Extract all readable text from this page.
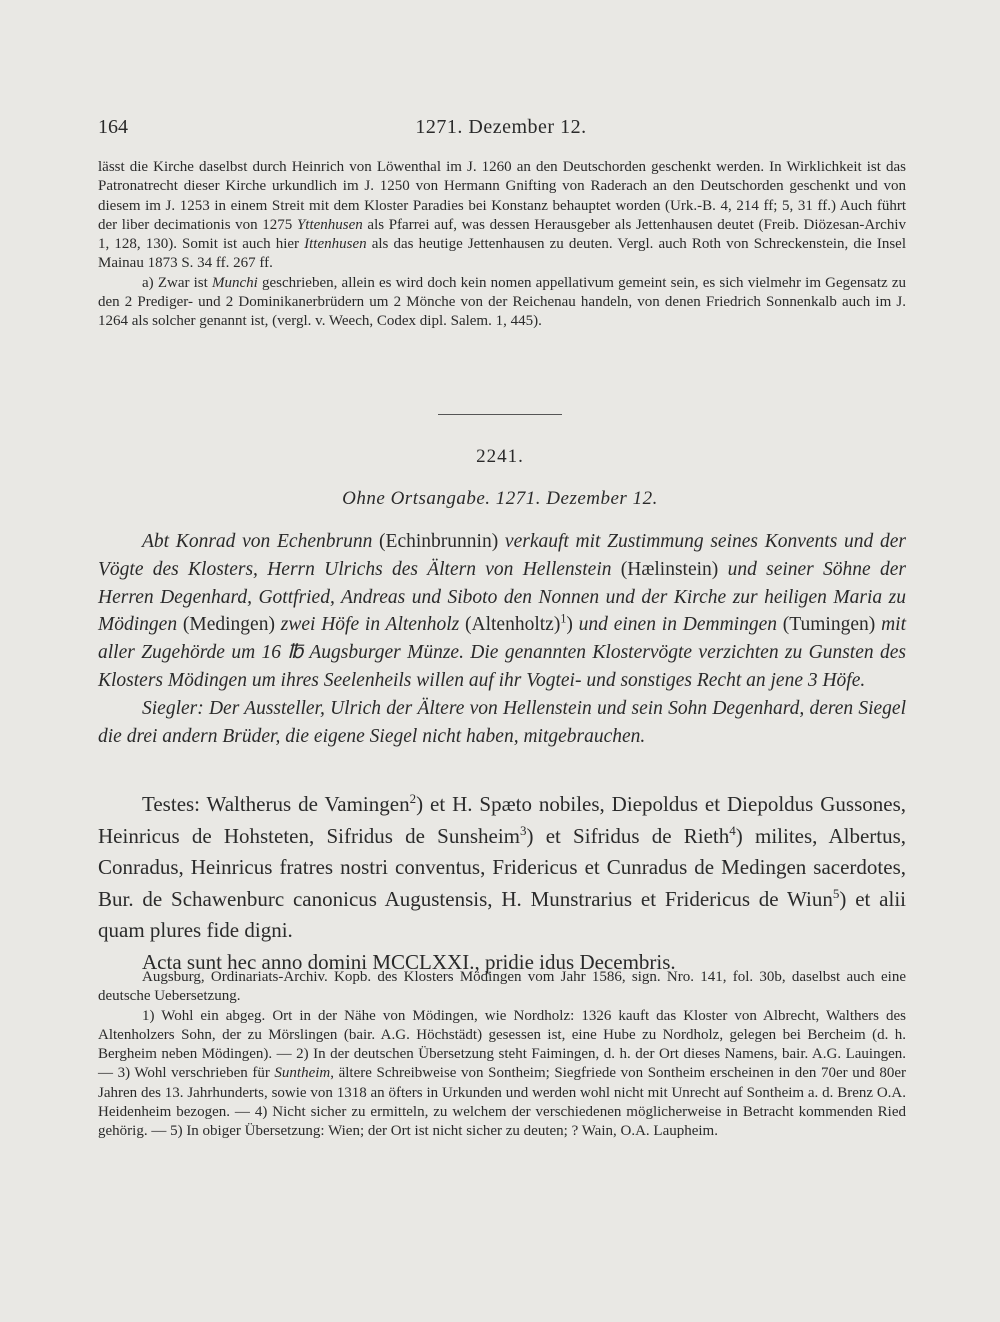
164	1271. Dezember 12.

lässt die Kirche daselbst durch Heinrich von Löwenthal im J. 1260 an den Deutschorden geschenkt werden. In Wirklichkeit ist das Patronatrecht dieser Kirche urkundlich im J. 1250 von Hermann Gnifting von Raderach an den Deutschorden geschenkt und von diesem im J. 1253 in einem Streit mit dem Kloster Paradies bei Konstanz behauptet worden (Urk.-B. 4, 214 ff; 5, 31 ff.) Auch führt der liber decimationis von 1275 Yttenhusen als Pfarrei auf, was dessen Herausgeber als Jettenhausen deutet (Freib. Diözesan-Archiv 1, 128, 130). Somit ist auch hier Ittenhusen als das heutige Jettenhausen zu deuten. Vergl. auch Roth von Schreckenstein, die Insel Mainau 1873 S. 34 ff. 267 ff.

a) Zwar ist Munchi geschrieben, allein es wird doch kein nomen appellativum gemeint sein, es sich vielmehr im Gegensatz zu den 2 Prediger- und 2 Dominikanerbrüdern um 2 Mönche von der Reichenau handeln, von denen Friedrich Sonnenkalb auch im J. 1264 als solcher genannt ist, (vergl. v. Weech, Codex dipl. Salem. 1, 445).

2241.
Ohne Ortsangabe. 1271. Dezember 12.

Abt Konrad von Echenbrunn (Echinbrunnin) verkauft mit Zustimmung seines Konvents und der Vögte des Klosters, Herrn Ulrichs des Ältern von Hellenstein (Hælinstein) und seiner Söhne der Herren Degenhard, Gottfried, Andreas und Siboto den Nonnen und der Kirche zur heiligen Maria zu Mödingen (Medingen) zwei Höfe in Altenholz (Altenholtz)$^1$) und einen in Demmingen (Tumingen) mit aller Zugehörde um 16 ℔ Augsburger Münze. Die genannten Klostervögte verzichten zu Gunsten des Klosters Mödingen um ihres Seelenheils willen auf ihr Vogtei- und sonstiges Recht an jene 3 Höfe.

Siegler: Der Aussteller, Ulrich der Ältere von Hellenstein und sein Sohn Degenhard, deren Siegel die drei andern Brüder, die eigene Siegel nicht haben, mitgebrauchen.

Testes: Waltherus de Vamingen$^2$) et H. Spæto nobiles, Diepoldus et Diepoldus Gussones, Heinricus de Hohsteten, Sifridus de Sunsheim$^3$) et Sifridus de Rieth$^4$) milites, Albertus, Conradus, Heinricus fratres nostri conventus, Fridericus et Cunradus de Medingen sacerdotes, Bur. de Schawenburc canonicus Augustensis, H. Munstrarius et Fridericus de Wiun$^5$) et alii quam plures fide digni.

Acta sunt hec anno domini MCCLXXI., pridie idus Decembris.

Augsburg, Ordinariats-Archiv. Kopb. des Klosters Mödingen vom Jahr 1586, sign. Nro. 141, fol. 30b, daselbst auch eine deutsche Uebersetzung.

1) Wohl ein abgeg. Ort in der Nähe von Mödingen, wie Nordholz: 1326 kauft das Kloster von Albrecht, Walthers des Altenholzers Sohn, der zu Mörslingen (bair. A.G. Höchstädt) gesessen ist, eine Hube zu Nordholz, gelegen bei Bercheim (d. h. Bergheim neben Mödingen). — 2) In der deutschen Übersetzung steht Faimingen, d. h. der Ort dieses Namens, bair. A.G. Lauingen. — 3) Wohl verschrieben für Suntheim, ältere Schreibweise von Sontheim; Siegfriede von Sontheim erscheinen in den 70er und 80er Jahren des 13. Jahrhunderts, sowie von 1318 an öfters in Urkunden und werden wohl nicht mit Unrecht auf Sontheim a. d. Brenz O.A. Heidenheim bezogen. — 4) Nicht sicher zu ermitteln, zu welchem der verschiedenen möglicherweise in Betracht kommenden Ried gehörig. — 5) In obiger Übersetzung: Wien; der Ort ist nicht sicher zu deuten; ? Wain, O.A. Laupheim.
